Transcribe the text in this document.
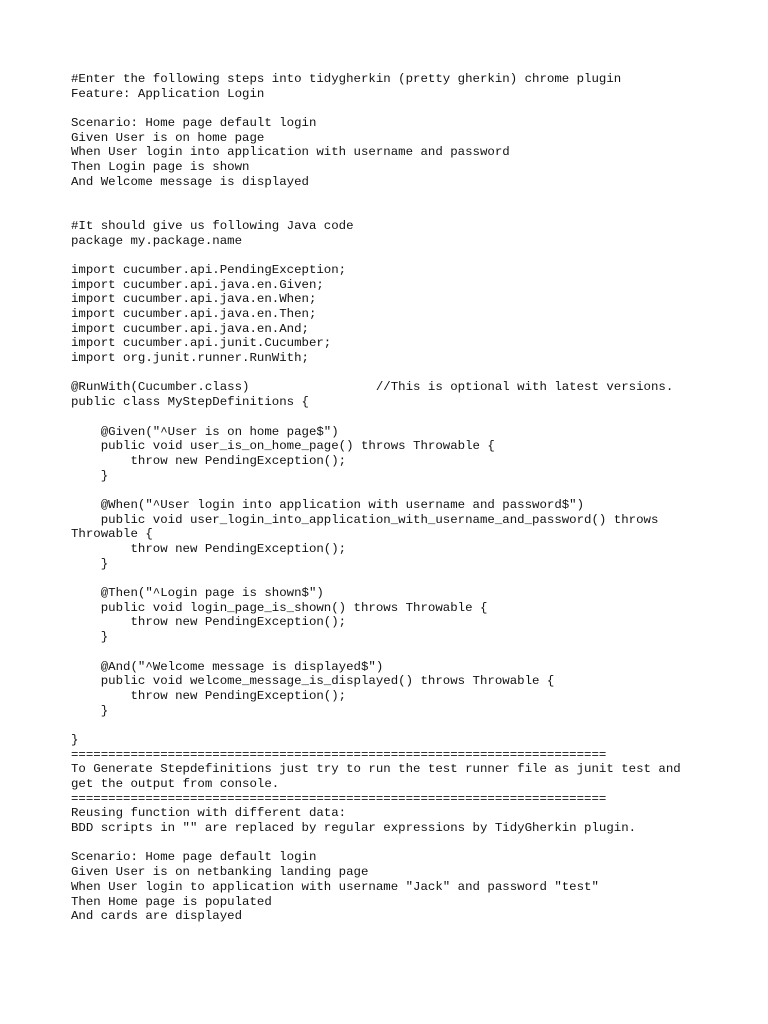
#Enter the following steps into tidygherkin (pretty gherkin) chrome plugin
Feature: Application Login
Scenario: Home page default login
Given User is on home page
When User login into application with username and password
Then Login page is shown
And Welcome message is displayed
#It should give us following Java code
package my.package.name
import cucumber.api.PendingException;
import cucumber.api.java.en.Given;
import cucumber.api.java.en.When;
import cucumber.api.java.en.Then;
import cucumber.api.java.en.And;
import cucumber.api.junit.Cucumber;
import org.junit.runner.RunWith;
@RunWith(Cucumber.class)                 //This is optional with latest versions.
public class MyStepDefinitions {
@Given("^User is on home page$")
public void user_is_on_home_page() throws Throwable {
throw new PendingException();
}
@When("^User login into application with username and password$")
public void user_login_into_application_with_username_and_password() throws
Throwable {
throw new PendingException();
}
@Then("^Login page is shown$")
public void login_page_is_shown() throws Throwable {
throw new PendingException();
}
@And("^Welcome message is displayed$")
public void welcome_message_is_displayed() throws Throwable {
throw new PendingException();
}
}
========================================================================
To Generate Stepdefinitions just try to run the test runner file as junit test and
get the output from console.
========================================================================
Reusing function with different data:
BDD scripts in "" are replaced by regular expressions by TidyGherkin plugin.
Scenario: Home page default login
Given User is on netbanking landing page
When User login to application with username "Jack" and password "test"
Then Home page is populated
And cards are displayed
